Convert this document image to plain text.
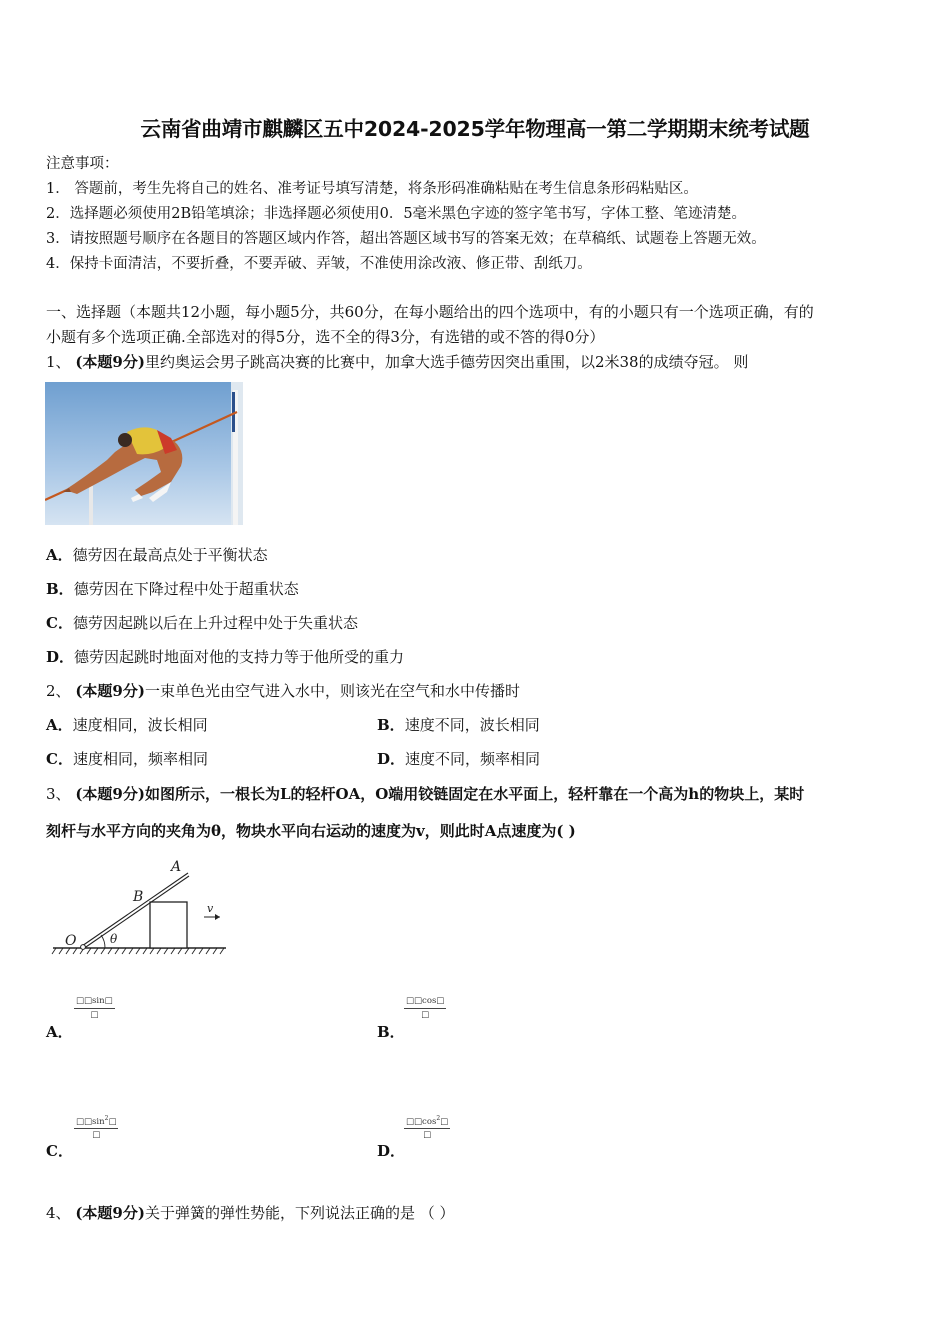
云南省曲靖市麒麟区五中2024-2025学年物理高一第二学期期末统考试题
注意事项：
1． 答题前，考生先将自己的姓名、准考证号填写清楚，将条形码准确粘贴在考生信息条形码粘贴区。
2．选择题必须使用2B铅笔填涂；非选择题必须使用0．5毫米黑色字迹的签字笔书写，字体工整、笔迹清楚。
3．请按照题号顺序在各题目的答题区域内作答，超出答题区域书写的答案无效；在草稿纸、试题卷上答题无效。
4．保持卡面清洁，不要折叠，不要弄破、弄皱，不准使用涂改液、修正带、刮纸刀。
一、选择题（本题共12小题，每小题5分，共60分，在每小题给出的四个选项中，有的小题只有一个选项正确，有的
小题有多个选项正确.全部选对的得5分，选不全的得3分，有选错的或不答的得0分）
1、 (本题9分)里约奥运会男子跳高决赛的比赛中，加拿大选手德劳因突出重围，以2米38的成绩夺冠。 则
A．德劳因在最高点处于平衡状态
B．德劳因在下降过程中处于超重状态
C．德劳因起跳以后在上升过程中处于失重状态
D．德劳因起跳时地面对他的支持力等于他所受的重力
2、 (本题9分)一束单色光由空气进入水中，则该光在空气和水中传播时
A．速度相同，波长相同	B．速度不同，波长相同
C．速度相同，频率相同	D．速度不同，频率相同
3、 (本题9分)如图所示，一根长为L的轻杆OA，O端用铰链固定在水平面上，轻杆靠在一个高为h的物块上，某时
刻杆与水平方向的夹角为θ，物块水平向右运动的速度为v，则此时A点速度为( )
A
B
O	θ
v
□□sin□
□
A．
□□cos□
□
B．
$□□\sin^2□$
□
C．
$□□\cos^2□$
□
D．
4、 (本题9分)关于弹簧的弹性势能，下列说法正确的是 （ ）
